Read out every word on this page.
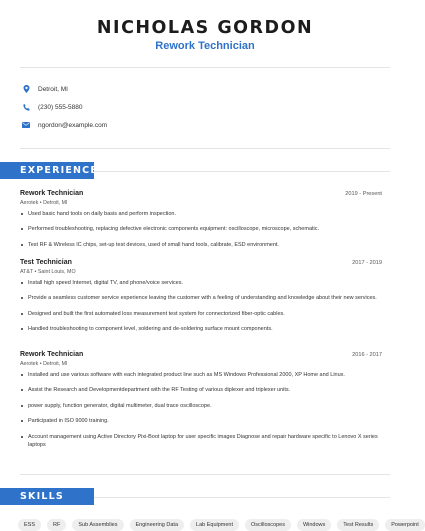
NICHOLAS GORDON
Rework Technician
Detroit, MI
(230) 555-5880
ngordon@example.com
EXPERIENCE
Rework Technician	2019 - Present
Aerotek • Detroit, MI
Used basic hand tools on daily basis and perform inspection.
Performed troubleshooting, replacing defective electronic components equipment: oscilloscope, microscope, schematic.
Test RF & Wireless IC chips, set-up test devices, used of small hand tools, calibrate, ESD environment.
Test Technician	2017 - 2019
AT&T • Saint Louis, MO
Install high speed Internet, digital TV, and phone/voice services.
Provide a seamless customer service experience leaving the customer with a feeling of understanding and knowledge about their new services.
Designed and built the first automated loss measurement test system for connectorized fiber-optic cables.
Handled troubleshooting to component level, soldering and de-soldering surface mount components.
Rework Technician	2016 - 2017
Aerotek • Detroit, MI
Installed and use various software with each integrated product line such as MS Windows Professional 2000, XP Home and Linux.
Assist the Research and Developmentdepartment with the RF Testing of various diplexer and triplexer units.
power supply, function generator, digital multimeter, dual trace oscilloscope.
Participated in ISO 9000 training.
Account management using Active Directory Pixi-Boot laptop for user specific images Diagnose and repair hardware specific to Lenovo X series laptops
SKILLS
ESS	RF	Sub Assemblies	Engineering Data	Lab Equipment	Oscilloscopes	Windows	Test Results	Powerpoint
